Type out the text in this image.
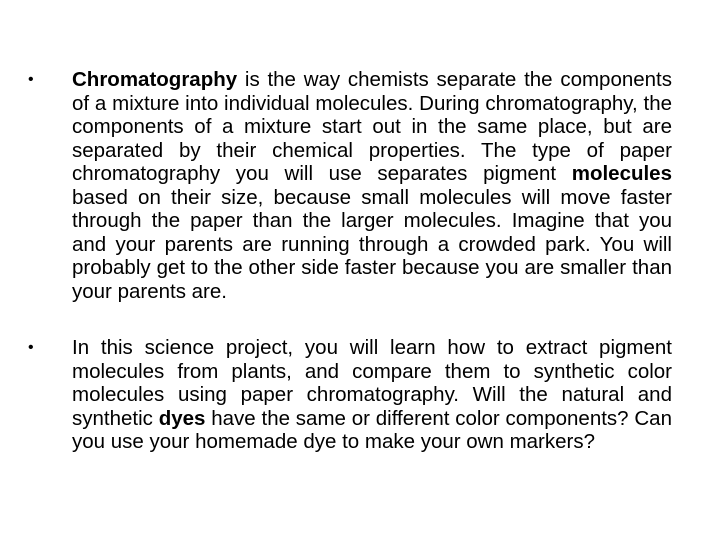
•	Chromatography is the way chemists separate the components of a mixture into individual molecules. During chromatography, the components of a mixture start out in the same place, but are separated by their chemical properties. The type of paper chromatography you will use separates pigment molecules based on their size, because small molecules will move faster through the paper than the larger molecules. Imagine that you and your parents are running through a crowded park. You will probably get to the other side faster because you are smaller than your parents are.
•	In this science project, you will learn how to extract pigment molecules from plants, and compare them to synthetic color molecules using paper chromatography. Will the natural and synthetic dyes have the same or different color components? Can you use your homemade dye to make your own markers?
